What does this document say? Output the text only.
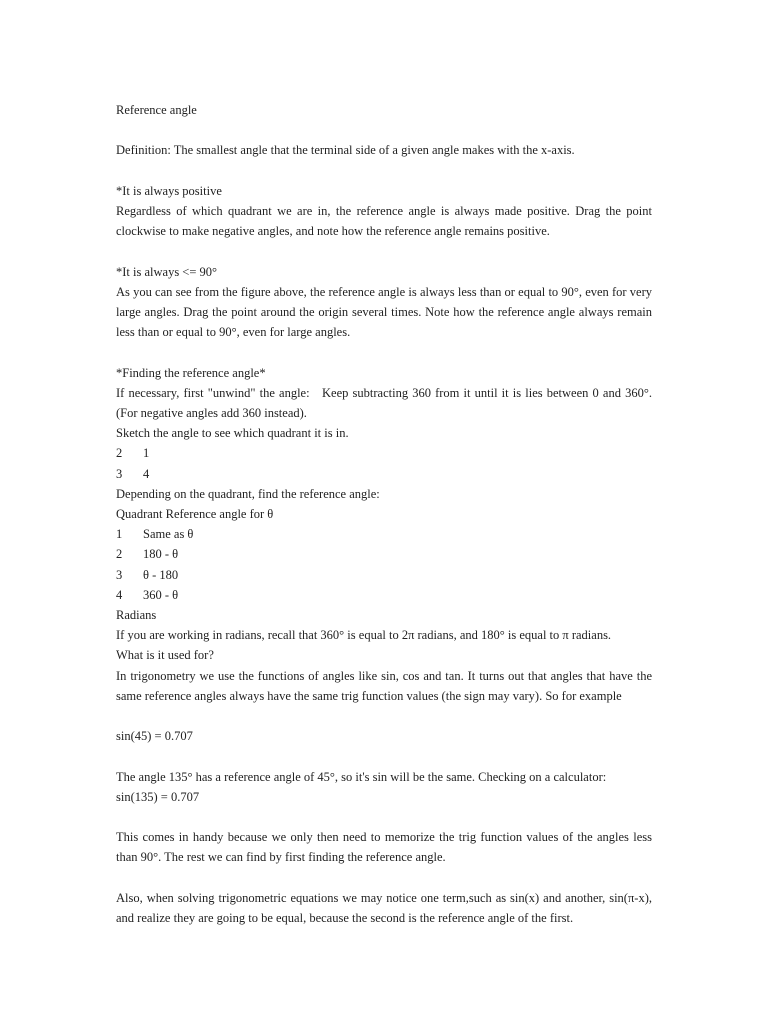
Reference angle
Definition: The smallest angle that the terminal side of a given angle makes with the x-axis.
*It is always positive
Regardless of which quadrant we are in, the reference angle is always made positive. Drag the point clockwise to make negative angles, and note how the reference angle remains positive.
*It is always <= 90°
As you can see from the figure above, the reference angle is always less than or equal to 90°, even for very large angles. Drag the point around the origin several times. Note how the reference angle always remain less than or equal to 90°, even for large angles.
*Finding the reference angle*
If necessary, first "unwind" the angle:   Keep subtracting 360 from it until it is lies between 0 and 360°. (For negative angles add 360 instead).
Sketch the angle to see which quadrant it is in.
2	1
3	4
Depending on the quadrant, find the reference angle:
Quadrant Reference angle for θ
1	Same as θ
2	180 - θ
3	θ - 180
4	360 - θ
Radians
If you are working in radians, recall that 360° is equal to 2π radians, and 180° is equal to π radians.
What is it used for?
In trigonometry we use the functions of angles like sin, cos and tan. It turns out that angles that have the same reference angles always have the same trig function values (the sign may vary). So for example
sin(45) = 0.707
The angle 135° has a reference angle of 45°, so it's sin will be the same. Checking on a calculator:
sin(135) = 0.707
This comes in handy because we only then need to memorize the trig function values of the angles less than 90°. The rest we can find by first finding the reference angle.
Also, when solving trigonometric equations we may notice one term,such as sin(x) and another, sin(π-x), and realize they are going to be equal, because the second is the reference angle of the first.
